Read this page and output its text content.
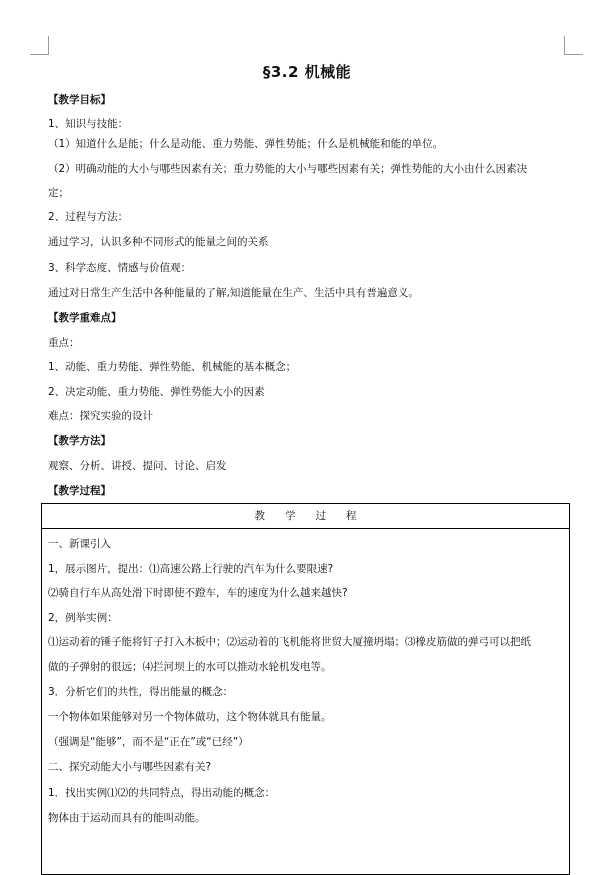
§3.2 机械能
【教学目标】
1、知识与技能：
（1）知道什么是能；什么是动能、重力势能、弹性势能；什么是机械能和能的单位。
（2）明确动能的大小与哪些因素有关；重力势能的大小与哪些因素有关；弹性势能的大小由什么因素决
定；
2、过程与方法：
通过学习，认识多种不同形式的能量之间的关系
3、科学态度、情感与价值观：
通过对日常生产生活中各种能量的了解,知道能量在生产、生活中具有普遍意义。
【教学重难点】
重点：
1、动能、重力势能、弹性势能、机械能的基本概念；
2、决定动能、重力势能、弹性势能大小的因素
难点：探究实验的设计
【教学方法】
观察、分析、讲授、提问、讨论、启发
【教学过程】
教学过程
一、新课引入
1，展示图片，提出：⑴高速公路上行驶的汽车为什么要限速?
⑵骑自行车从高处滑下时即使不蹬车，车的速度为什么越来越快?
2，例举实例：
⑴运动着的锤子能将钉子打入木板中；⑵运动着的飞机能将世贸大厦撞坍塌；⑶橡皮筋做的弹弓可以把纸
做的子弹射的很远；⑷拦河坝上的水可以推动水轮机发电等。
3．分析它们的共性，得出能量的概念：
一个物体如果能够对另一个物体做功，这个物体就具有能量。
（强调是“能够”，而不是“正在”或“已经”）
二、探究动能大小与哪些因素有关?
1．找出实例⑴⑵的共同特点，得出动能的概念：
物体由于运动而具有的能叫动能。
